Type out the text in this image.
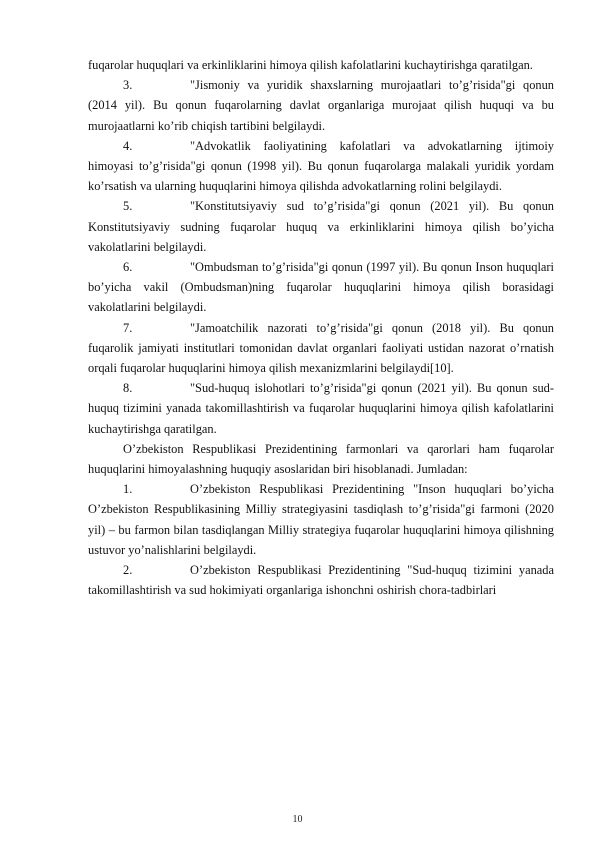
fuqarolar huquqlari va erkinliklarini himoya qilish kafolatlarini kuchaytirishga qaratilgan.

3.	"Jismoniy va yuridik shaxslarning murojaatlari to’g’risida"gi qonun (2014 yil). Bu qonun fuqarolarning davlat organlariga murojaat qilish huquqi va bu murojaatlarni ko’rib chiqish tartibini belgilaydi.

4.	"Advokatlik faoliyatining kafolatlari va advokatlarning ijtimoiy himoyasi to’g’risida"gi qonun (1998 yil). Bu qonun fuqarolarga malakali yuridik yordam ko’rsatish va ularning huquqlarini himoya qilishda advokatlarning rolini belgilaydi.

5.	"Konstitutsiyaviy sud to’g’risida"gi qonun (2021 yil). Bu qonun Konstitutsiyaviy sudning fuqarolar huquq va erkinliklarini himoya qilish bo’yicha vakolatlarini belgilaydi.

6.	"Ombudsman to’g’risida"gi qonun (1997 yil). Bu qonun Inson huquqlari bo’yicha vakil (Ombudsman)ning fuqarolar huquqlarini himoya qilish borasidagi vakolatlarini belgilaydi.

7.	"Jamoatchilik nazorati to’g’risida"gi qonun (2018 yil). Bu qonun fuqarolik jamiyati institutlari tomonidan davlat organlari faoliyati ustidan nazorat o’rnatish orqali fuqarolar huquqlarini himoya qilish mexanizmlarini belgilaydi[10].

8.	"Sud-huquq islohotlari to’g’risida"gi qonun (2021 yil). Bu qonun sud-huquq tizimini yanada takomillashtirish va fuqarolar huquqlarini himoya qilish kafolatlarini kuchaytirishga qaratilgan.

O’zbekiston Respublikasi Prezidentining farmonlari va qarorlari ham fuqarolar huquqlarini himoyalashning huquqiy asoslaridan biri hisoblanadi. Jumladan:

1.	O’zbekiston Respublikasi Prezidentining "Inson huquqlari bo’yicha O’zbekiston Respublikasining Milliy strategiyasini tasdiqlash to’g’risida"gi farmoni (2020 yil) – bu farmon bilan tasdiqlangan Milliy strategiya fuqarolar huquqlarini himoya qilishning ustuvor yo’nalishlarini belgilaydi.

2.	O’zbekiston Respublikasi Prezidentining "Sud-huquq tizimini yanada takomillashtirish va sud hokimiyati organlariga ishonchni oshirish chora-tadbirlari

10
